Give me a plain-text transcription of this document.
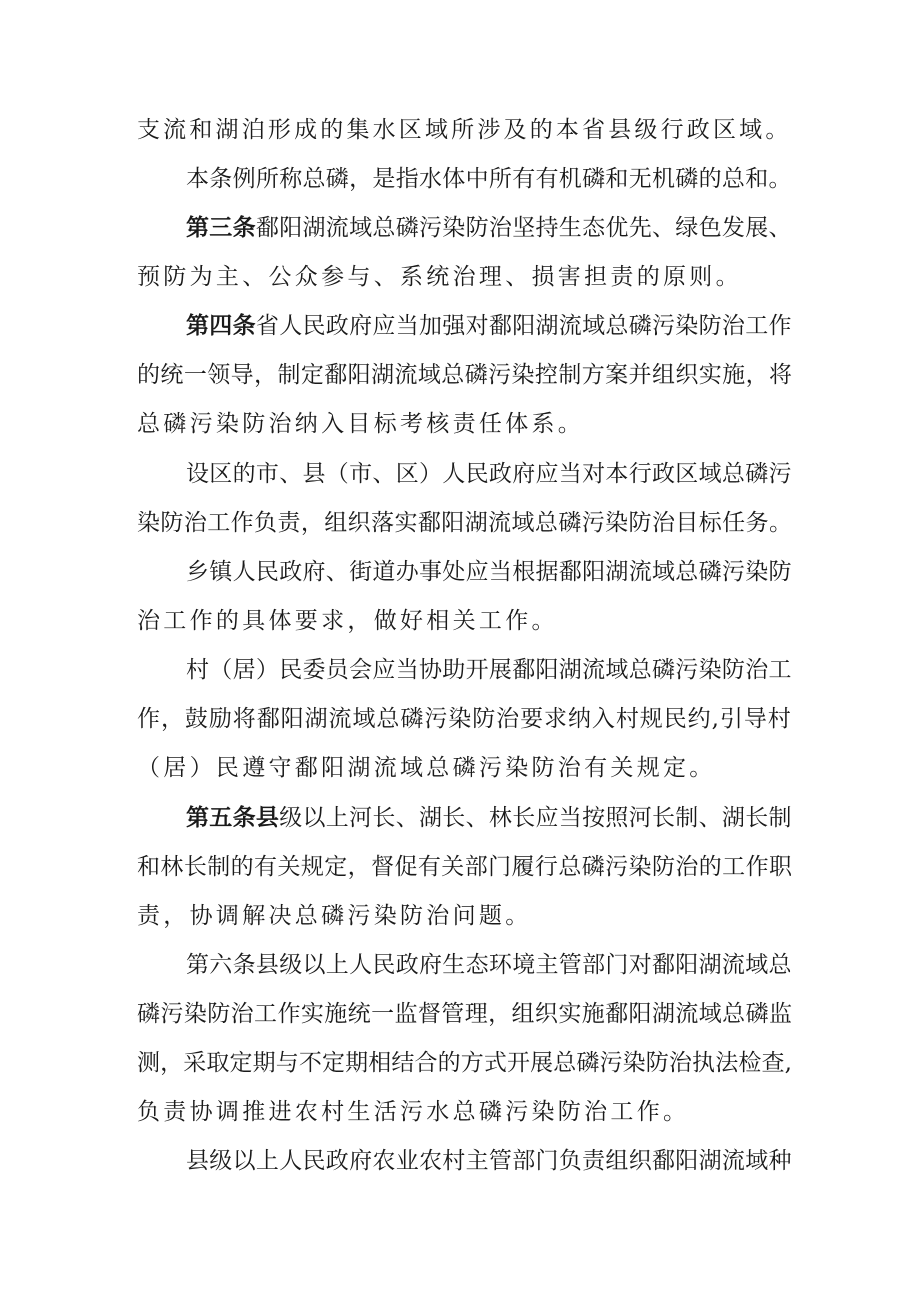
支流和湖泊形成的集水区域所涉及的本省县级行政区域。
本条例所称总磷，是指水体中所有有机磷和无机磷的总和。
第三条鄱阳湖流域总磷污染防治坚持生态优先、绿色发展、
预防为主、公众参与、系统治理、损害担责的原则。
第四条省人民政府应当加强对鄱阳湖流域总磷污染防治工作
的统一领导，制定鄱阳湖流域总磷污染控制方案并组织实施，将
总磷污染防治纳入目标考核责任体系。
设区的市、县（市、区）人民政府应当对本行政区域总磷污
染防治工作负责，组织落实鄱阳湖流域总磷污染防治目标任务。
乡镇人民政府、街道办事处应当根据鄱阳湖流域总磷污染防
治工作的具体要求，做好相关工作。
村（居）民委员会应当协助开展鄱阳湖流域总磷污染防治工
作，鼓励将鄱阳湖流域总磷污染防治要求纳入村规民约,引导村
（居）民遵守鄱阳湖流域总磷污染防治有关规定。
第五条县级以上河长、湖长、林长应当按照河长制、湖长制
和林长制的有关规定，督促有关部门履行总磷污染防治的工作职
责，协调解决总磷污染防治问题。
第六条县级以上人民政府生态环境主管部门对鄱阳湖流域总
磷污染防治工作实施统一监督管理，组织实施鄱阳湖流域总磷监
测，采取定期与不定期相结合的方式开展总磷污染防治执法检查,
负责协调推进农村生活污水总磷污染防治工作。
县级以上人民政府农业农村主管部门负责组织鄱阳湖流域种
